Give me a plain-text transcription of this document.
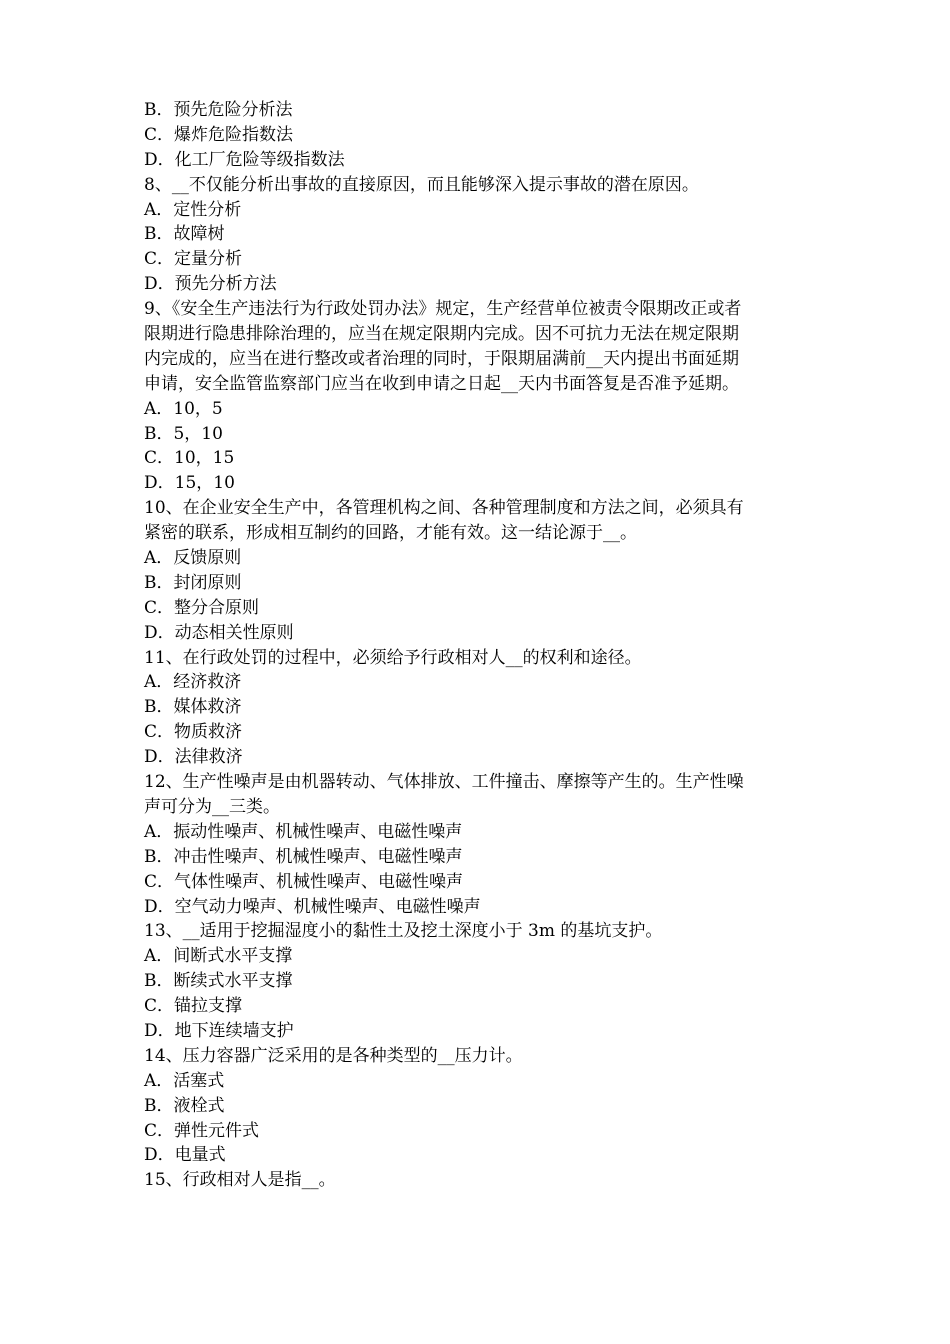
B．预先危险分析法
C．爆炸危险指数法
D．化工厂危险等级指数法
8、__不仅能分析出事故的直接原因，而且能够深入提示事故的潜在原因。
A．定性分析
B．故障树
C．定量分析
D．预先分析方法
9、《安全生产违法行为行政处罚办法》规定，生产经营单位被责令限期改正或者
限期进行隐患排除治理的，应当在规定限期内完成。因不可抗力无法在规定限期
内完成的，应当在进行整改或者治理的同时，于限期届满前__天内提出书面延期
申请，安全监管监察部门应当在收到申请之日起__天内书面答复是否准予延期。
A．10，5
B．5，10
C．10，15
D．15，10
10、在企业安全生产中，各管理机构之间、各种管理制度和方法之间，必须具有
紧密的联系，形成相互制约的回路，才能有效。这一结论源于__。
A．反馈原则
B．封闭原则
C．整分合原则
D．动态相关性原则
11、在行政处罚的过程中，必须给予行政相对人__的权利和途径。
A．经济救济
B．媒体救济
C．物质救济
D．法律救济
12、生产性噪声是由机器转动、气体排放、工件撞击、摩擦等产生的。生产性噪
声可分为__三类。
A．振动性噪声、机械性噪声、电磁性噪声
B．冲击性噪声、机械性噪声、电磁性噪声
C．气体性噪声、机械性噪声、电磁性噪声
D．空气动力噪声、机械性噪声、电磁性噪声
13、__适用于挖掘湿度小的黏性土及挖土深度小于 3m 的基坑支护。
A．间断式水平支撑
B．断续式水平支撑
C．锚拉支撑
D．地下连续墙支护
14、压力容器广泛采用的是各种类型的__压力计。
A．活塞式
B．液栓式
C．弹性元件式
D．电量式
15、行政相对人是指__。
